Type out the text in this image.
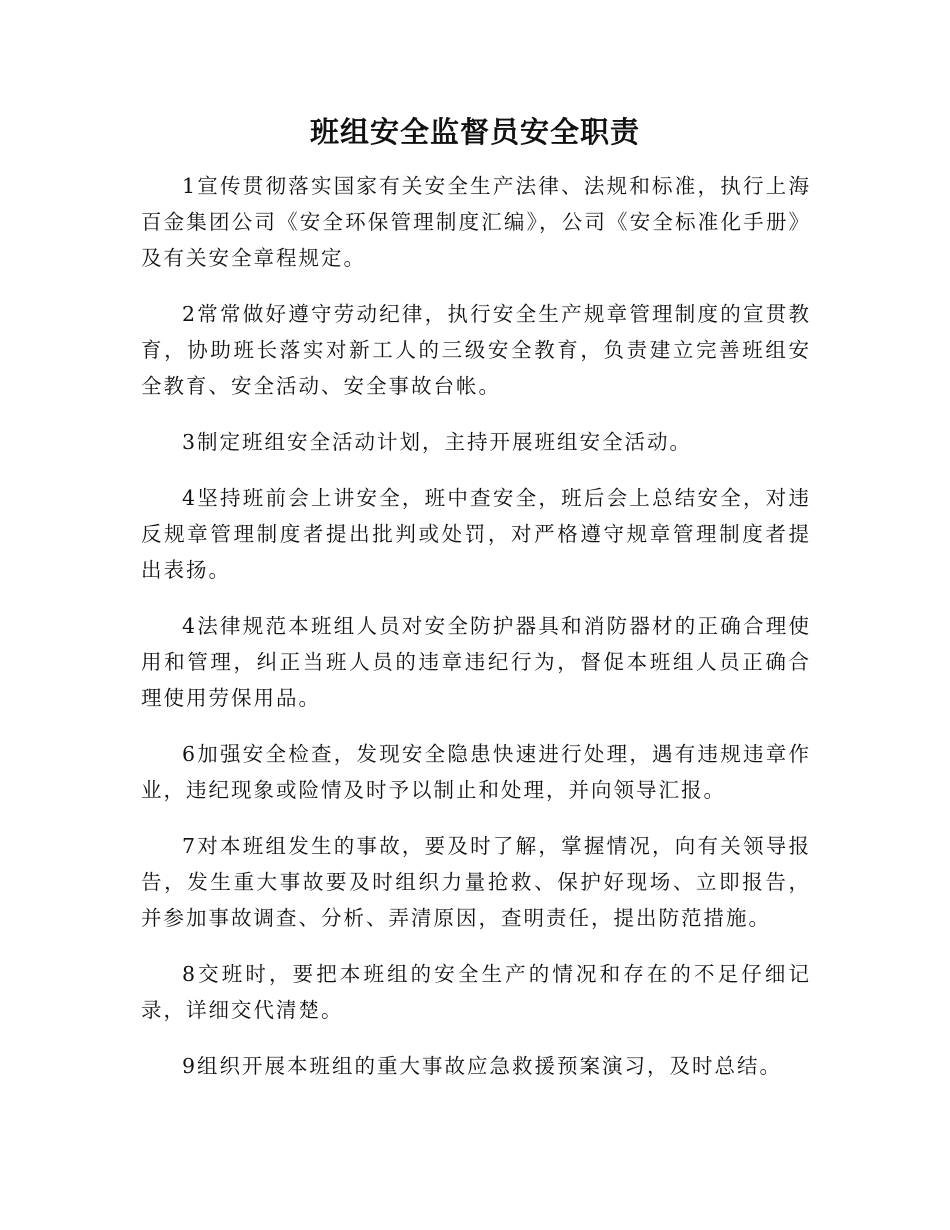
班组安全监督员安全职责

1宣传贯彻落实国家有关安全生产法律、法规和标准，执行上海百金集团公司《安全环保管理制度汇编》，公司《安全标准化手册》及有关安全章程规定。

2常常做好遵守劳动纪律，执行安全生产规章管理制度的宣贯教育，协助班长落实对新工人的三级安全教育，负责建立完善班组安全教育、安全活动、安全事故台帐。

3制定班组安全活动计划，主持开展班组安全活动。

4坚持班前会上讲安全，班中查安全，班后会上总结安全，对违反规章管理制度者提出批判或处罚，对严格遵守规章管理制度者提出表扬。

4法律规范本班组人员对安全防护器具和消防器材的正确合理使用和管理，纠正当班人员的违章违纪行为，督促本班组人员正确合理使用劳保用品。

6加强安全检查，发现安全隐患快速进行处理，遇有违规违章作业，违纪现象或险情及时予以制止和处理，并向领导汇报。

7对本班组发生的事故，要及时了解，掌握情况，向有关领导报告，发生重大事故要及时组织力量抢救、保护好现场、立即报告，并参加事故调查、分析、弄清原因，查明责任，提出防范措施。

8交班时，要把本班组的安全生产的情况和存在的不足仔细记录，详细交代清楚。

9组织开展本班组的重大事故应急救援预案演习，及时总结。
